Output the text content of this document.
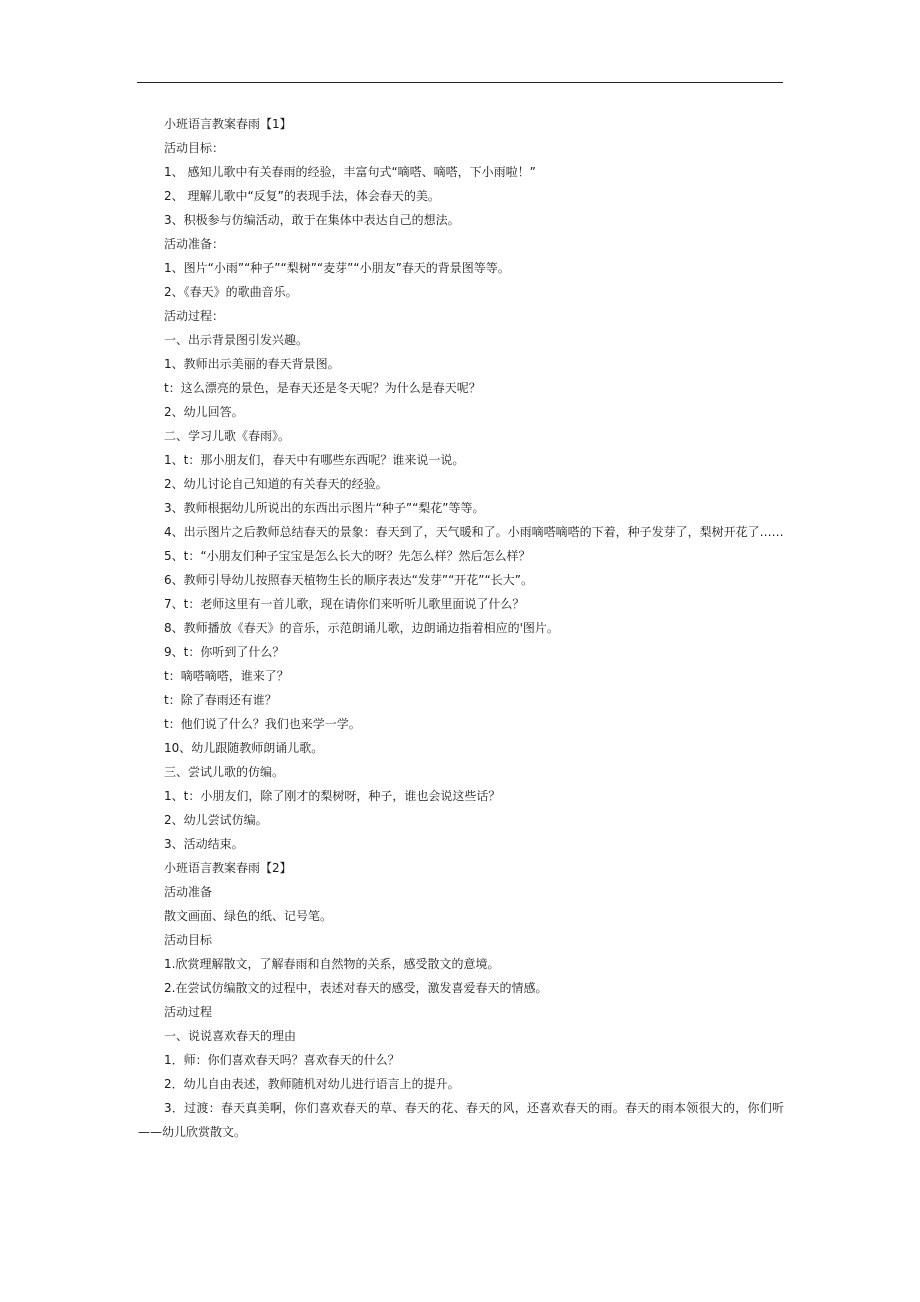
小班语言教案春雨【1】
活动目标：
1、 感知儿歌中有关春雨的经验，丰富句式“嘀嗒、嘀嗒，下小雨啦！”
2、 理解儿歌中“反复”的表现手法，体会春天的美。
3、积极参与仿编活动，敢于在集体中表达自己的想法。
活动准备：
1、图片“小雨”“种子”“梨树”“麦芽”“小朋友”春天的背景图等等。
2、《春天》的歌曲音乐。
活动过程：
一、出示背景图引发兴趣。
1、教师出示美丽的春天背景图。
t：这么漂亮的景色，是春天还是冬天呢？为什么是春天呢？
2、幼儿回答。
二、学习儿歌《春雨》。
1、t：那小朋友们，春天中有哪些东西呢？谁来说一说。
2、幼儿讨论自己知道的有关春天的经验。
3、教师根据幼儿所说出的东西出示图片“种子”“梨花”等等。
4、出示图片之后教师总结春天的景象：春天到了，天气暖和了。小雨嘀嗒嘀嗒的下着，种子发芽了，梨树开花了……
5、t：“小朋友们种子宝宝是怎么长大的呀？先怎么样？然后怎么样？
6、教师引导幼儿按照春天植物生长的顺序表达“发芽”“开花”“长大”。
7、t：老师这里有一首儿歌，现在请你们来听听儿歌里面说了什么？
8、教师播放《春天》的音乐，示范朗诵儿歌，边朗诵边指着相应的'图片。
9、t：你听到了什么？
t：嘀嗒嘀嗒，谁来了？
t：除了春雨还有谁？
t：他们说了什么？我们也来学一学。
10、幼儿跟随教师朗诵儿歌。
三、尝试儿歌的仿编。
1、t：小朋友们，除了刚才的梨树呀，种子，谁也会说这些话？
2、幼儿尝试仿编。
3、活动结束。
小班语言教案春雨【2】
活动准备
散文画面、绿色的纸、记号笔。
活动目标
1.欣赏理解散文，了解春雨和自然物的关系，感受散文的意境。
2.在尝试仿编散文的过程中，表述对春天的感受，激发喜爱春天的情感。
活动过程
一、说说喜欢春天的理由
1．师：你们喜欢春天吗？喜欢春天的什么？
2．幼儿自由表述，教师随机对幼儿进行语言上的提升。
3．过渡：春天真美啊，你们喜欢春天的草、春天的花、春天的风，还喜欢春天的雨。春天的雨本领很大的，你们听——幼儿欣赏散文。
